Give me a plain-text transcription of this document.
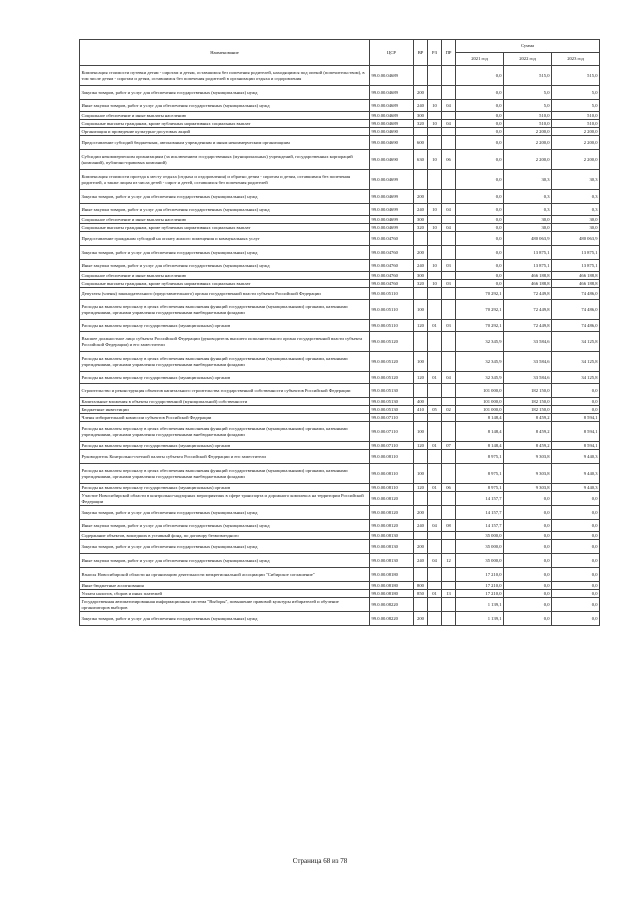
Наименование	ЦСР	ВР	РЗ	ПР	Сумма		
					2021 год	2022 год	2023 год
Компенсация стоимости путевки детям - сиротам и детям, оставшимся без попечения родителей, находящимся под опекой (попечительством), в том числе детям - сиротам и детям, оставшимся без попечения родителей в организации отдыха и оздоровления	99.0.00.04689				0,0	515,0	515,0
Закупка товаров, работ и услуг для обеспечения государственных (муниципальных) нужд	99.0.00.04689	200			0,0	5,0	5,0
Иные закупки товаров, работ и услуг для обеспечения государственных (муниципальных) нужд	99.0.00.04689	240	10	04	0,0	5,0	5,0
Социальное обеспечение и иные выплаты населению	99.0.00.04689	300			0,0	510,0	510,0
Социальные выплаты гражданам, кроме публичных нормативных социальных выплат	99.0.00.04689	320	10	04	0,0	510,0	510,0
Организация и проведение культурно-досуговых акций	99.0.00.04690				0,0	2 200,0	2 200,0
Предоставление субсидий бюджетным, автономным учреждениям и иным некоммерческим организациям	99.0.00.04690	600			0,0	2 200,0	2 200,0
Субсидии некоммерческим организациям (за исключением государственных (муниципальных) учреждений, государственных корпораций (компаний), публично-правовых компаний)	99.0.00.04690	630	10	06	0,0	2 200,0	2 200,0
Компенсация стоимости проезда к месту отдыха (отдыха и оздоровления) и обратно детям - сиротам и детям, оставшимся без попечения родителей, а также лицам из числа детей - сирот и детей, оставшихся без попечения родителей	99.0.00.04699				0,0	30,3	30,3
Закупка товаров, работ и услуг для обеспечения государственных (муниципальных) нужд	99.0.00.04699	200			0,0	0,3	0,3
Иные закупки товаров, работ и услуг для обеспечения государственных (муниципальных) нужд	99.0.00.04699	240	10	04	0,0	0,3	0,3
Социальное обеспечение и иные выплаты населению	99.0.00.04699	300			0,0	30,0	30,0
Социальные выплаты гражданам, кроме публичных нормативных социальных выплат	99.0.00.04699	320	10	04	0,0	30,0	30,0
Предоставление гражданам субсидий на оплату жилого помещения и коммунальных услуг	99.0.00.04760				0,0	480 063,9	480 063,9
Закупка товаров, работ и услуг для обеспечения государственных (муниципальных) нужд	99.0.00.04760	200			0,0	13 875,1	13 875,1
Иные закупки товаров, работ и услуг для обеспечения государственных (муниципальных) нужд	99.0.00.04760	240	10	03	0,0	13 875,1	13 875,1
Социальное обеспечение и иные выплаты населению	99.0.00.04760	300			0,0	466 188,8	466 188,8
Социальные выплаты гражданам, кроме публичных нормативных социальных выплат	99.0.00.04760	320	10	03	0,0	466 188,8	466 188,8
Депутаты (члены) законодательного (представительного) органа государственной власти субъекта Российской Федерации	99.0.00.05110				70 292,1	72 449,8	74 486,0
Расходы на выплаты персоналу в целях обеспечения выполнения функций государственными (муниципальными) органами, казенными учреждениями, органами управления государственными внебюджетными фондами	99.0.00.05110	100			70 292,1	72 449,8	74 486,0
Расходы на выплаты персоналу государственных (муниципальных) органов	99.0.00.05110	120	01	03	70 292,1	72 449,8	74 486,0
Высшее должностное лицо субъекта Российской Федерации (руководитель высшего исполнительного органа государственной власти субъекта Российской Федерации) и его заместители	99.0.00.05120				32 345,9	33 584,6	34 125,8
Расходы на выплаты персоналу в целях обеспечения выполнения функций государственными (муниципальными) органами, казенными учреждениями, органами управления государственными внебюджетными фондами	99.0.00.05120	100			32 345,9	33 584,6	34 125,8
Расходы на выплаты персоналу государственных (муниципальных) органов	99.0.00.05120	120	01	04	32 345,9	33 584,6	34 125,8
Строительство и реконструкция объектов капитального строительства государственной собственности субъектов Российской Федерации	99.0.00.05130				101 000,0	182 150,0	0,0
Капитальные вложения в объекты государственной (муниципальной) собственности	99.0.00.05130	400			101 000,0	182 150,0	0,0
Бюджетные инвестиции	99.0.00.05130	410	05	02	101 000,0	182 150,0	0,0
Члены избирательной комиссии субъектов Российской Федерации	99.0.00.07110				8 148,4	8 459,2	8 594,1
Расходы на выплаты персоналу в целях обеспечения выполнения функций государственными (муниципальными) органами, казенными учреждениями, органами управления государственными внебюджетными фондами	99.0.00.07110	100			8 148,4	8 459,2	8 594,1
Расходы на выплаты персоналу государственных (муниципальных) органов	99.0.00.07110	120	01	07	8 148,4	8 459,2	8 594,1
Руководитель Контрольно-счетной палаты субъекта Российской Федерации и его заместители	99.0.00.08110				8 975,1	9 303,8	9 440,3
Расходы на выплаты персоналу в целях обеспечения выполнения функций государственными (муниципальными) органами, казенными учреждениями, органами управления государственными внебюджетными фондами	99.0.00.08110	100			8 975,1	9 303,8	9 440,3
Расходы на выплаты персоналу государственных (муниципальных) органов	99.0.00.08110	120	01	06	8 975,1	9 303,8	9 440,3
Участие Новосибирской области в контрольно-надзорных мероприятиях в сфере транспорта и дорожного комплекса на территории Российской Федерации	99.0.00.08120				14 157,7	0,0	0,0
Закупка товаров, работ и услуг для обеспечения государственных (муниципальных) нужд	99.0.00.08120	200			14 157,7	0,0	0,0
Иные закупки товаров, работ и услуг для обеспечения государственных (муниципальных) нужд	99.0.00.08120	240	04	08	14 157,7	0,0	0,0
Содержание объектов, вошедших в уставный фонд, по договору безвозмездного	99.0.00.08130				35 000,0	0,0	0,0
Закупка товаров, работ и услуг для обеспечения государственных (муниципальных) нужд	99.0.00.08130	200			35 000,0	0,0	0,0
Иные закупки товаров, работ и услуг для обеспечения государственных (муниципальных) нужд	99.0.00.08130	240	04	12	35 000,0	0,0	0,0
Взносы Новосибирской области на организацию деятельности межрегиональной ассоциации "Сибирское соглашение"	99.0.00.08180				17 210,0	0,0	0,0
Иные бюджетные ассигнования	99.0.00.08180	800			17 210,0	0,0	0,0
Уплата налогов, сборов и иных платежей	99.0.00.08180	850	01	13	17 210,0	0,0	0,0
Государственная автоматизированная информационная система "Выборы", повышение правовой культуры избирателей и обучение организаторов выборов	99.0.00.08220				1 139,1	0,0	0,0
Закупка товаров, работ и услуг для обеспечения государственных (муниципальных) нужд	99.0.00.08220	200			1 139,1	0,0	0,0
Страница 68 из 78
